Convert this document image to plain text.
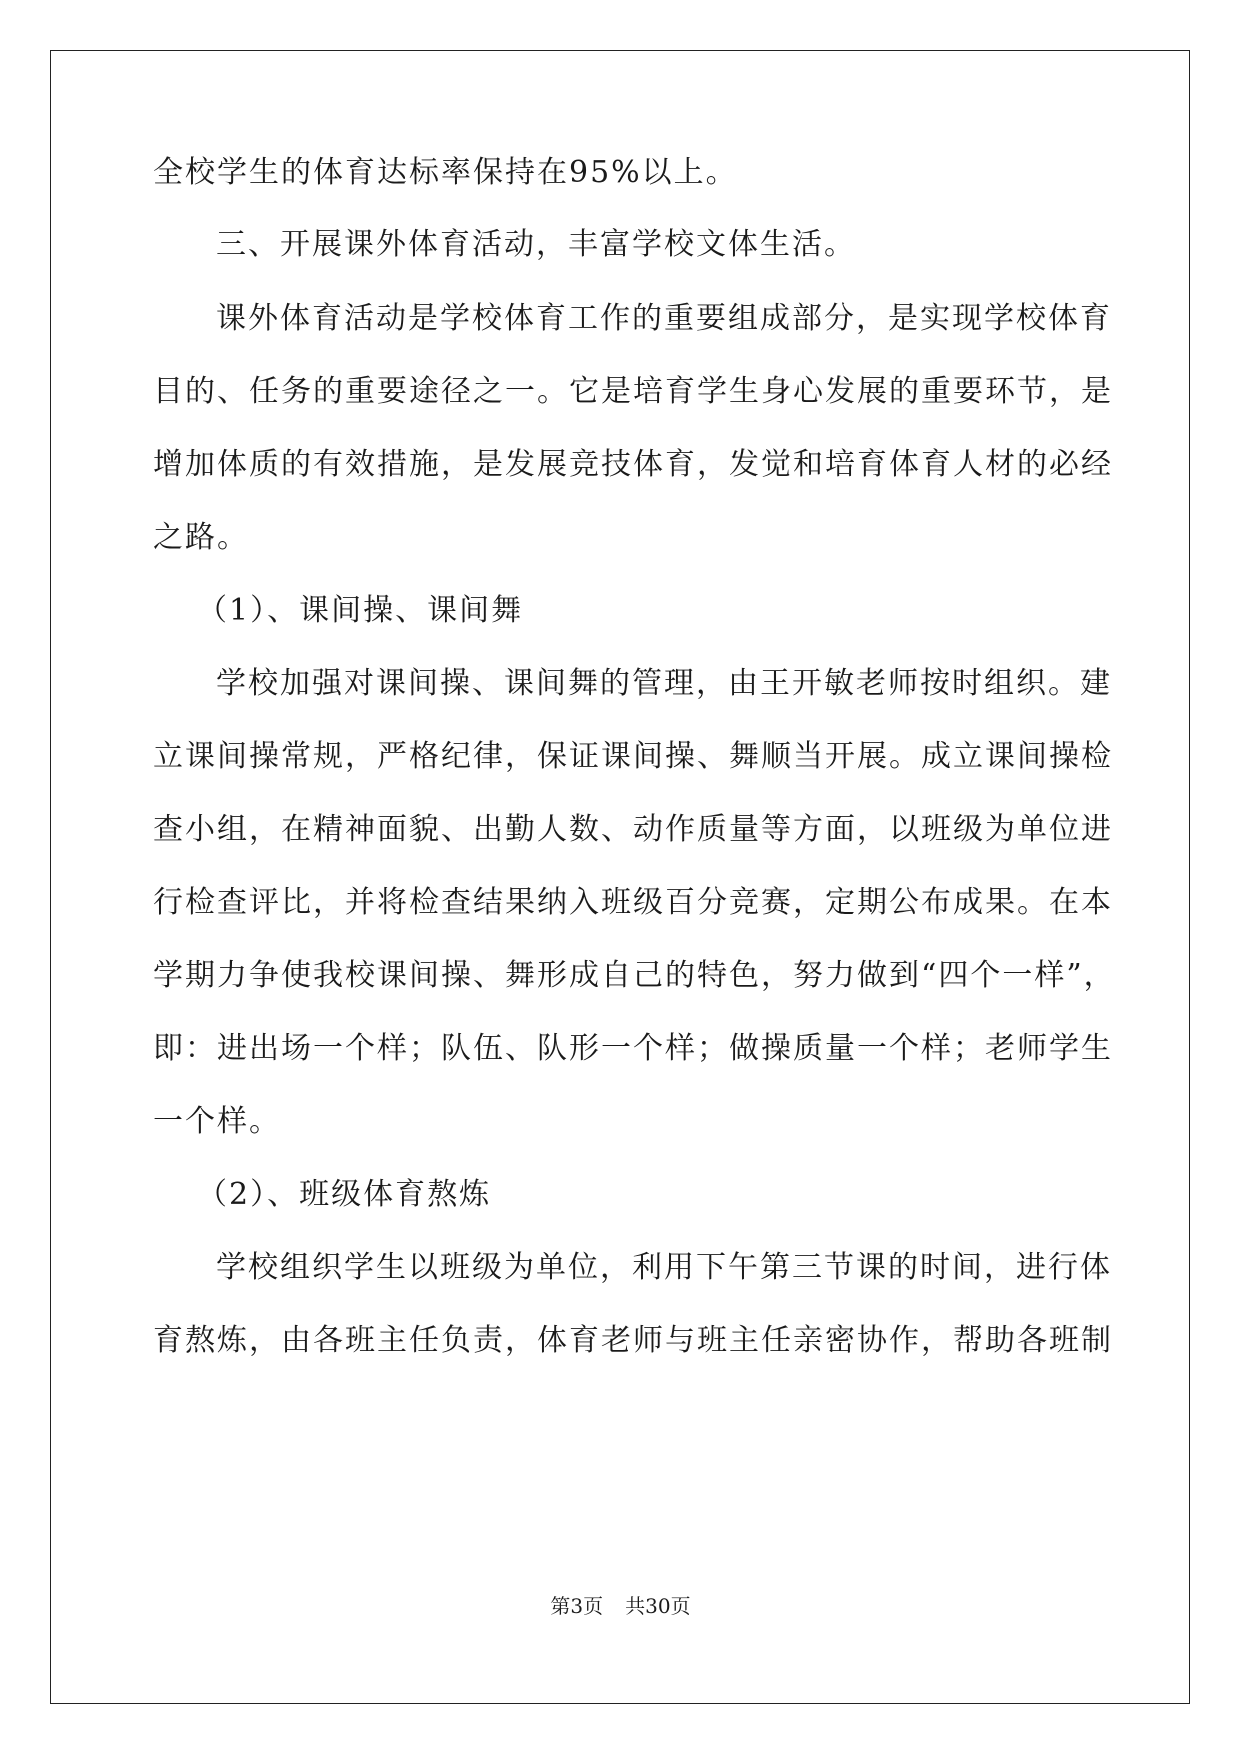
全校学生的体育达标率保持在95%以上。
三、开展课外体育活动，丰富学校文体生活。
课外体育活动是学校体育工作的重要组成部分，是实现学校体育
目的、任务的重要途径之一。它是培育学生身心发展的重要环节，是
增加体质的有效措施，是发展竞技体育，发觉和培育体育人材的必经
之路。
（1）、课间操、课间舞
学校加强对课间操、课间舞的管理，由王开敏老师按时组织。建
立课间操常规，严格纪律，保证课间操、舞顺当开展。成立课间操检
查小组，在精神面貌、出勤人数、动作质量等方面，以班级为单位进
行检查评比，并将检查结果纳入班级百分竞赛，定期公布成果。在本
学期力争使我校课间操、舞形成自己的特色，努力做到“四个一样”，
即：进出场一个样；队伍、队形一个样；做操质量一个样；老师学生
一个样。
（2）、班级体育熬炼
学校组织学生以班级为单位，利用下午第三节课的时间，进行体
育熬炼，由各班主任负责，体育老师与班主任亲密协作，帮助各班制
第3页 共30页
